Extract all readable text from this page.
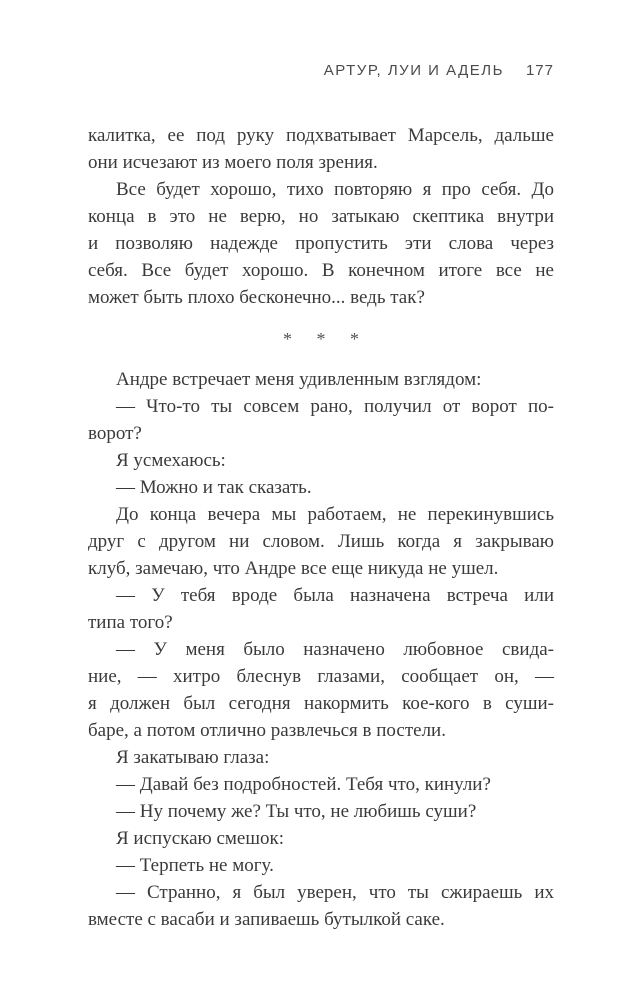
АРТУР, ЛУИ И АДЕЛЬ 177
калитка, ее под руку подхватывает Марсель, дальше
они исчезают из моего поля зрения.
Все будет хорошо, тихо повторяю я про себя. До
конца в это не верю, но затыкаю скептика внутри
и позволяю надежде пропустить эти слова через
себя. Все будет хорошо. В конечном итоге все не
может быть плохо бесконечно... ведь так?
* * *
Андре встречает меня удивленным взглядом:
— Что-то ты совсем рано, получил от ворот по-
ворот?
Я усмехаюсь:
— Можно и так сказать.
До конца вечера мы работаем, не перекинувшись
друг с другом ни словом. Лишь когда я закрываю
клуб, замечаю, что Андре все еще никуда не ушел.
— У тебя вроде была назначена встреча или
типа того?
— У меня было назначено любовное свида-
ние, — хитро блеснув глазами, сообщает он, —
я должен был сегодня накормить кое-кого в суши-
баре, а потом отлично развлечься в постели.
Я закатываю глаза:
— Давай без подробностей. Тебя что, кинули?
— Ну почему же? Ты что, не любишь суши?
Я испускаю смешок:
— Терпеть не могу.
— Странно, я был уверен, что ты сжираешь их
вместе с васаби и запиваешь бутылкой саке.
